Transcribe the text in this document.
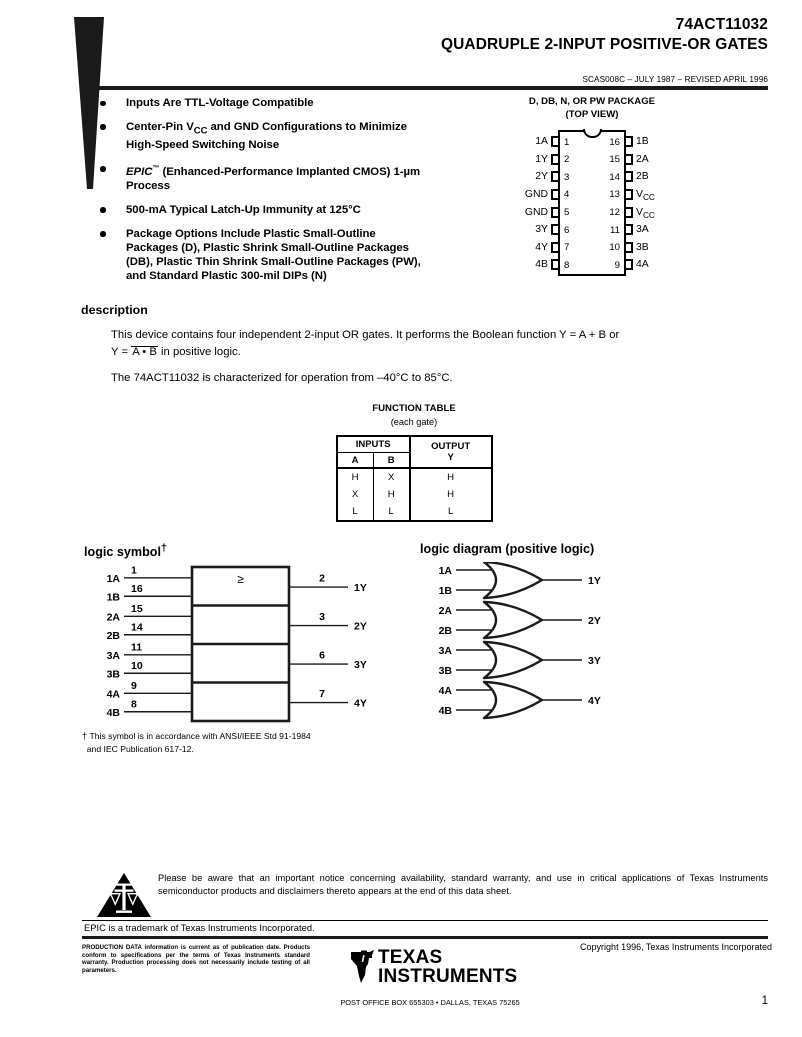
74ACT11032
QUADRUPLE 2-INPUT POSITIVE-OR GATES
SCAS008C – JULY 1987 – REVISED APRIL 1996
Inputs Are TTL-Voltage Compatible
Center-Pin $V_{CC}$ and GND Configurations to Minimize High-Speed Switching Noise
EPIC™ (Enhanced-Performance Implanted CMOS) 1-µm Process
500-mA Typical Latch-Up Immunity at 125°C
Package Options Include Plastic Small-Outline Packages (D), Plastic Shrink Small-Outline Packages (DB), Plastic Thin Shrink Small-Outline Packages (PW), and Standard Plastic 300-mil DIPs (N)
D, DB, N, OR PW PACKAGE
(TOP VIEW)
1A 1	16 1B
1Y 2	15 2A
2Y 3	14 2B
GND 4	13 $V_{CC}$
GND 5	12 $V_{CC}$
3Y 6	11 3A
4Y 7	10 3B
4B 8	9 4A
description

This device contains four independent 2-input OR gates. It performs the Boolean function Y = A + B or
Y = A • B in positive logic.

The 74ACT11032 is characterized for operation from –40°C to 85°C.

FUNCTION TABLE
(each gate)
INPUTS		OUTPUT
Y
A	B	
H	X	H
X	H	H
L	L	L
logic symbol†
≥
1A
1
1B
16
2
1Y
2A
15
2B
14
3
2Y
3A
11
3B
10
6
3Y
4A
9
4B
8
7
4Y
logic diagram (positive logic)
1A
1B
1Y
2A
2B
2Y
3A
3B
3Y
4A
4B
4Y
† This symbol is in accordance with ANSI/IEEE Std 91-1984
and IEC Publication 617-12.
Please be aware that an important notice concerning availability, standard warranty, and use in critical applications of Texas Instruments semiconductor products and disclaimers thereto appears at the end of this data sheet.
EPIC is a trademark of Texas Instruments Incorporated.
PRODUCTION DATA information is current as of publication date. Products conform to specifications per the terms of Texas Instruments standard warranty. Production processing does not necessarily include testing of all parameters.
TEXAS
INSTRUMENTS
POST OFFICE BOX 655303 • DALLAS, TEXAS 75265
Copyright 1996, Texas Instruments Incorporated
1
